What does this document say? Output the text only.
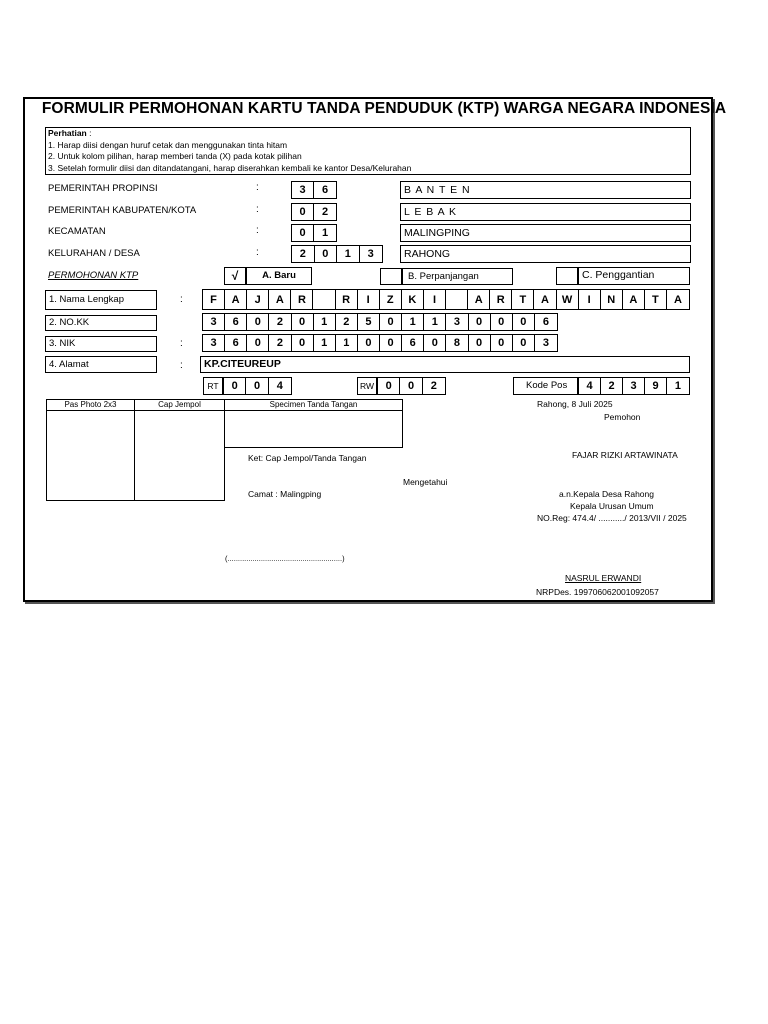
FORMULIR PERMOHONAN KARTU TANDA PENDUDUK (KTP) WARGA NEGARA INDONESIA
Perhatian :
1. Harap diisi dengan huruf cetak dan menggunakan tinta hitam
2. Untuk kolom pilihan, harap memberi tanda (X) pada kotak pilihan
3. Setelah formulir diisi dan ditandatangani, harap diserahkan kembali ke kantor Desa/Kelurahan
PEMERINTAH PROPINSI	:	3	6	B A N T E N
PEMERINTAH KABUPATEN/KOTA	:	0	2	L E B A K
KECAMATAN	:	0	1	MALINGPING
KELURAHAN / DESA	:	2	0	1	3	RAHONG
PERMOHONAN KTP	√	A. Baru	B. Perpanjangan	C. Penggantian
1. Nama Lengkap	:	F	A	J	A	R	R	I	Z	K	I	A	R	T	A	W	I	N	A	T	A
2. NO.KK	3	6	0	2	0	1	2	5	0	1	1	3	0	0	0	6
3. NIK	:	3	6	0	2	0	1	1	0	0	6	0	8	0	0	0	3
4. Alamat	:	KP.CITEUREUP
RT	0	0	4	RW	0	0	2	Kode Pos	4	2	3	9	1
Pas Photo 2x3	Cap Jempol	Specimen Tanda Tangan
Ket: Cap Jempol/Tanda Tangan
Mengetahui
Camat : Malingping
(.......................................................)
Rahong, 8 Juli 2025
Pemohon
FAJAR RIZKI ARTAWINATA
a.n.Kepala Desa Rahong
Kepala Urusan Umum
NO.Reg: 474.4/ .........../ 2013/VII / 2025
NASRUL ERWANDI
NRPDes. 199706062001092057
